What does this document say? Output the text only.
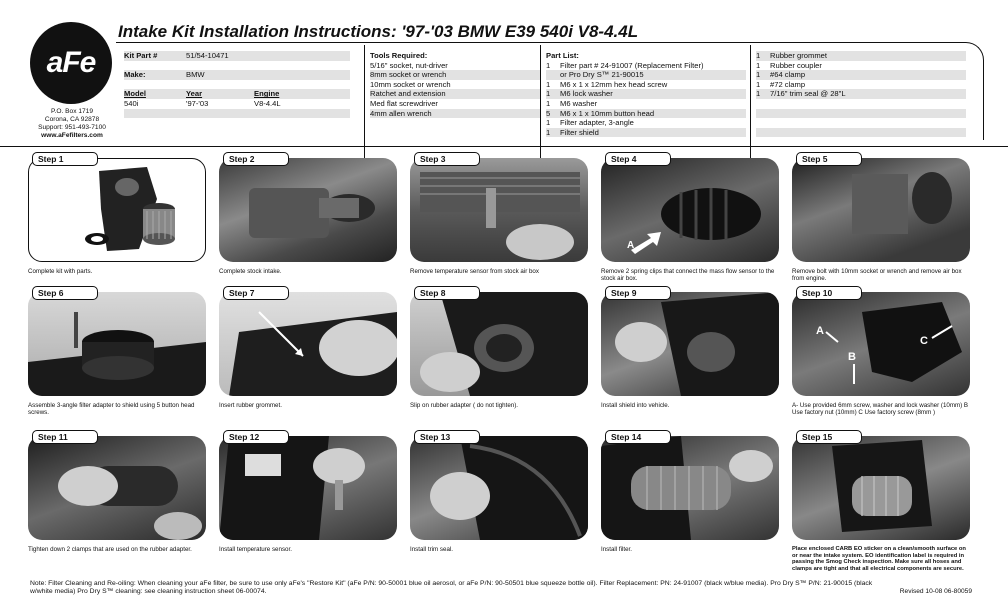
aFe
P.O. Box 1719
Corona, CA 92878
Support: 951-493-7100
www.aFefilters.com
Intake Kit Installation Instructions: '97-'03 BMW E39 540i V8-4.4L
Kit Part #	51/54-10471
Make:	BMW
Model	Year	Engine
540i	'97-'03	V8-4.4L
Tools Required:
5/16" socket, nut-driver
8mm socket or wrench
10mm socket or wrench
Ratchet and extension
Med flat screwdriver
4mm allen wrench
Part List:
1 Filter part # 24-91007 (Replacement Filter)
or Pro Dry S™ 21-90015
1 M6 x 1 x 12mm hex head screw
1 M6 lock washer
1 M6 washer
5 M6 x 1 x 10mm button head
1 Filter adapter, 3-angle
1 Filter shield
1 Rubber grommet
1 Rubber coupler
1 #64 clamp
1 #72 clamp
1 7/16" trim seal @ 28"L
Step 1
Complete kit with parts.
Step 2
Complete stock intake.
Step 3
Remove temperature sensor from stock air box
A
Step 4
Remove 2 spring clips that connect the mass flow sensor to the stock air box.
Step 5
Remove bolt with 10mm socket or wrench and remove air box from engine.
Step 6
Assemble 3-angle filter adapter to shield using 5 button head screws.
Step 7
Insert rubber grommet.
Step 8
Slip on rubber adapter ( do not tighten).
Step 9
Install shield into vehicle.
A
B
C
Step 10
A- Use provided 6mm screw, washer and lock washer (10mm) B Use factory nut (10mm) C Use factory screw (8mm )
Step 11
Tighten down 2 clamps that are used on the rubber adapter.
Step 12
Install temperature sensor.
Step 13
Install trim seal.
Step 14
Install filter.
Step 15
Place enclosed CARB EO sticker on a clean/smooth surface on or near the intake system. EO identification label is required in passing the Smog Check inspection. Make sure all hoses and clamps are tight and that all electrical components are secure.
Note: Filter Cleaning and Re-oiling: When cleaning your aFe filter, be sure to use only aFe's "Restore Kit" (aFe P/N: 90-50001 blue oil aerosol, or aFe P/N: 90-50501 blue squeeze bottle oil). Filter Replacement: PN: 24-91007 (black w/blue media). Pro Dry S™ P/N: 21-90015 (black w/white media) Pro Dry S™ cleaning: see cleaning instruction sheet 06-00074.	Revised 10-08 06-80059
